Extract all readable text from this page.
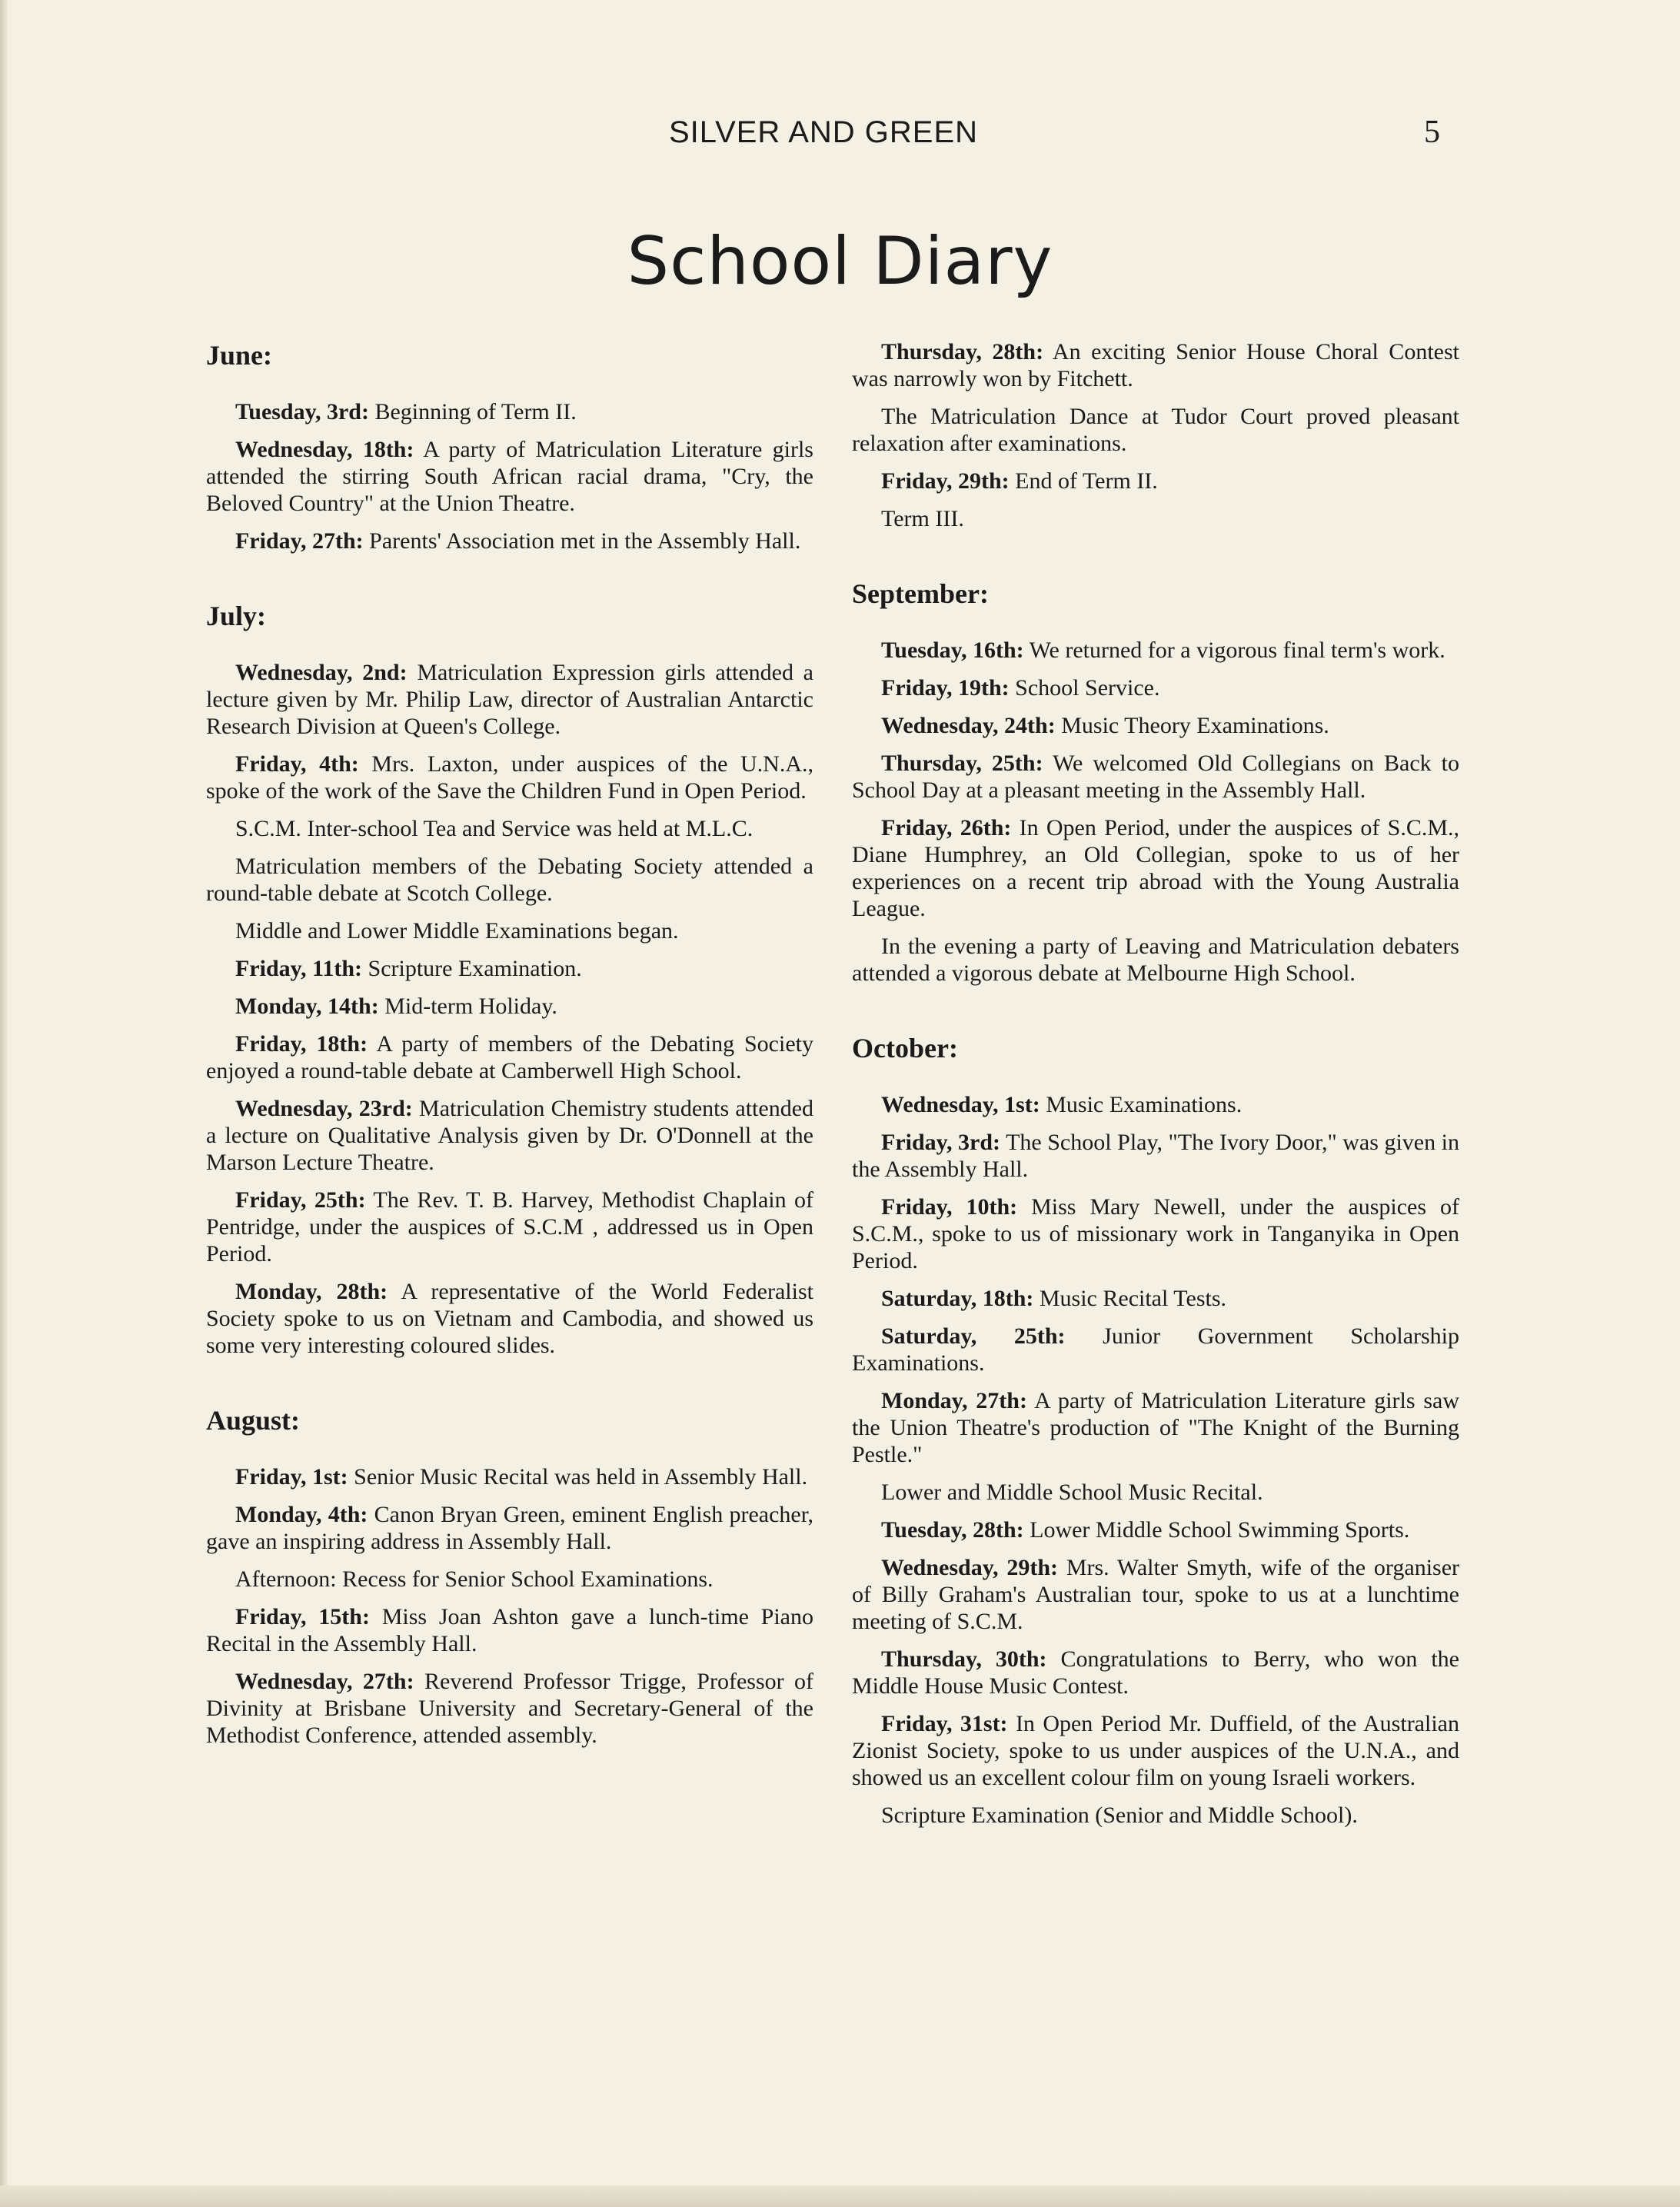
SILVER AND GREEN	5
School Diary
June:

Tuesday, 3rd: Beginning of Term II.

Wednesday, 18th: A party of Matriculation Literature girls attended the stirring South African racial drama, "Cry, the Beloved Country" at the Union Theatre.

Friday, 27th: Parents' Association met in the Assembly Hall.

July:

Wednesday, 2nd: Matriculation Expression girls attended a lecture given by Mr. Philip Law, director of Australian Antarctic Research Division at Queen's College.

Friday, 4th: Mrs. Laxton, under auspices of the U.N.A., spoke of the work of the Save the Children Fund in Open Period.

S.C.M. Inter-school Tea and Service was held at M.L.C.

Matriculation members of the Debating Society attended a round-table debate at Scotch College.

Middle and Lower Middle Examinations began.

Friday, 11th: Scripture Examination.

Monday, 14th: Mid-term Holiday.

Friday, 18th: A party of members of the Debating Society enjoyed a round-table debate at Camberwell High School.

Wednesday, 23rd: Matriculation Chemistry students attended a lecture on Qualitative Analysis given by Dr. O'Donnell at the Marson Lecture Theatre.

Friday, 25th: The Rev. T. B. Harvey, Methodist Chaplain of Pentridge, under the auspices of S.C.M , addressed us in Open Period.

Monday, 28th: A representative of the World Federalist Society spoke to us on Vietnam and Cambodia, and showed us some very interesting coloured slides.

August:

Friday, 1st: Senior Music Recital was held in Assembly Hall.

Monday, 4th: Canon Bryan Green, eminent English preacher, gave an inspiring address in Assembly Hall.

Afternoon: Recess for Senior School Examinations.

Friday, 15th: Miss Joan Ashton gave a lunch-time Piano Recital in the Assembly Hall.

Wednesday, 27th: Reverend Professor Trigge, Professor of Divinity at Brisbane University and Secretary-General of the Methodist Conference, attended assembly.

Thursday, 28th: An exciting Senior House Choral Contest was narrowly won by Fitchett.

The Matriculation Dance at Tudor Court proved pleasant relaxation after examinations.

Friday, 29th: End of Term II.

Term III.

September:

Tuesday, 16th: We returned for a vigorous final term's work.

Friday, 19th: School Service.

Wednesday, 24th: Music Theory Examinations.

Thursday, 25th: We welcomed Old Collegians on Back to School Day at a pleasant meeting in the Assembly Hall.

Friday, 26th: In Open Period, under the auspices of S.C.M., Diane Humphrey, an Old Collegian, spoke to us of her experiences on a recent trip abroad with the Young Australia League.

In the evening a party of Leaving and Matriculation debaters attended a vigorous debate at Melbourne High School.

October:

Wednesday, 1st: Music Examinations.

Friday, 3rd: The School Play, "The Ivory Door," was given in the Assembly Hall.

Friday, 10th: Miss Mary Newell, under the auspices of S.C.M., spoke to us of missionary work in Tanganyika in Open Period.

Saturday, 18th: Music Recital Tests.

Saturday, 25th: Junior Government Scholarship Examinations.

Monday, 27th: A party of Matriculation Literature girls saw the Union Theatre's production of "The Knight of the Burning Pestle."

Lower and Middle School Music Recital.

Tuesday, 28th: Lower Middle School Swimming Sports.

Wednesday, 29th: Mrs. Walter Smyth, wife of the organiser of Billy Graham's Australian tour, spoke to us at a lunchtime meeting of S.C.M.

Thursday, 30th: Congratulations to Berry, who won the Middle House Music Contest.

Friday, 31st: In Open Period Mr. Duffield, of the Australian Zionist Society, spoke to us under auspices of the U.N.A., and showed us an excellent colour film on young Israeli workers.

Scripture Examination (Senior and Middle School).
